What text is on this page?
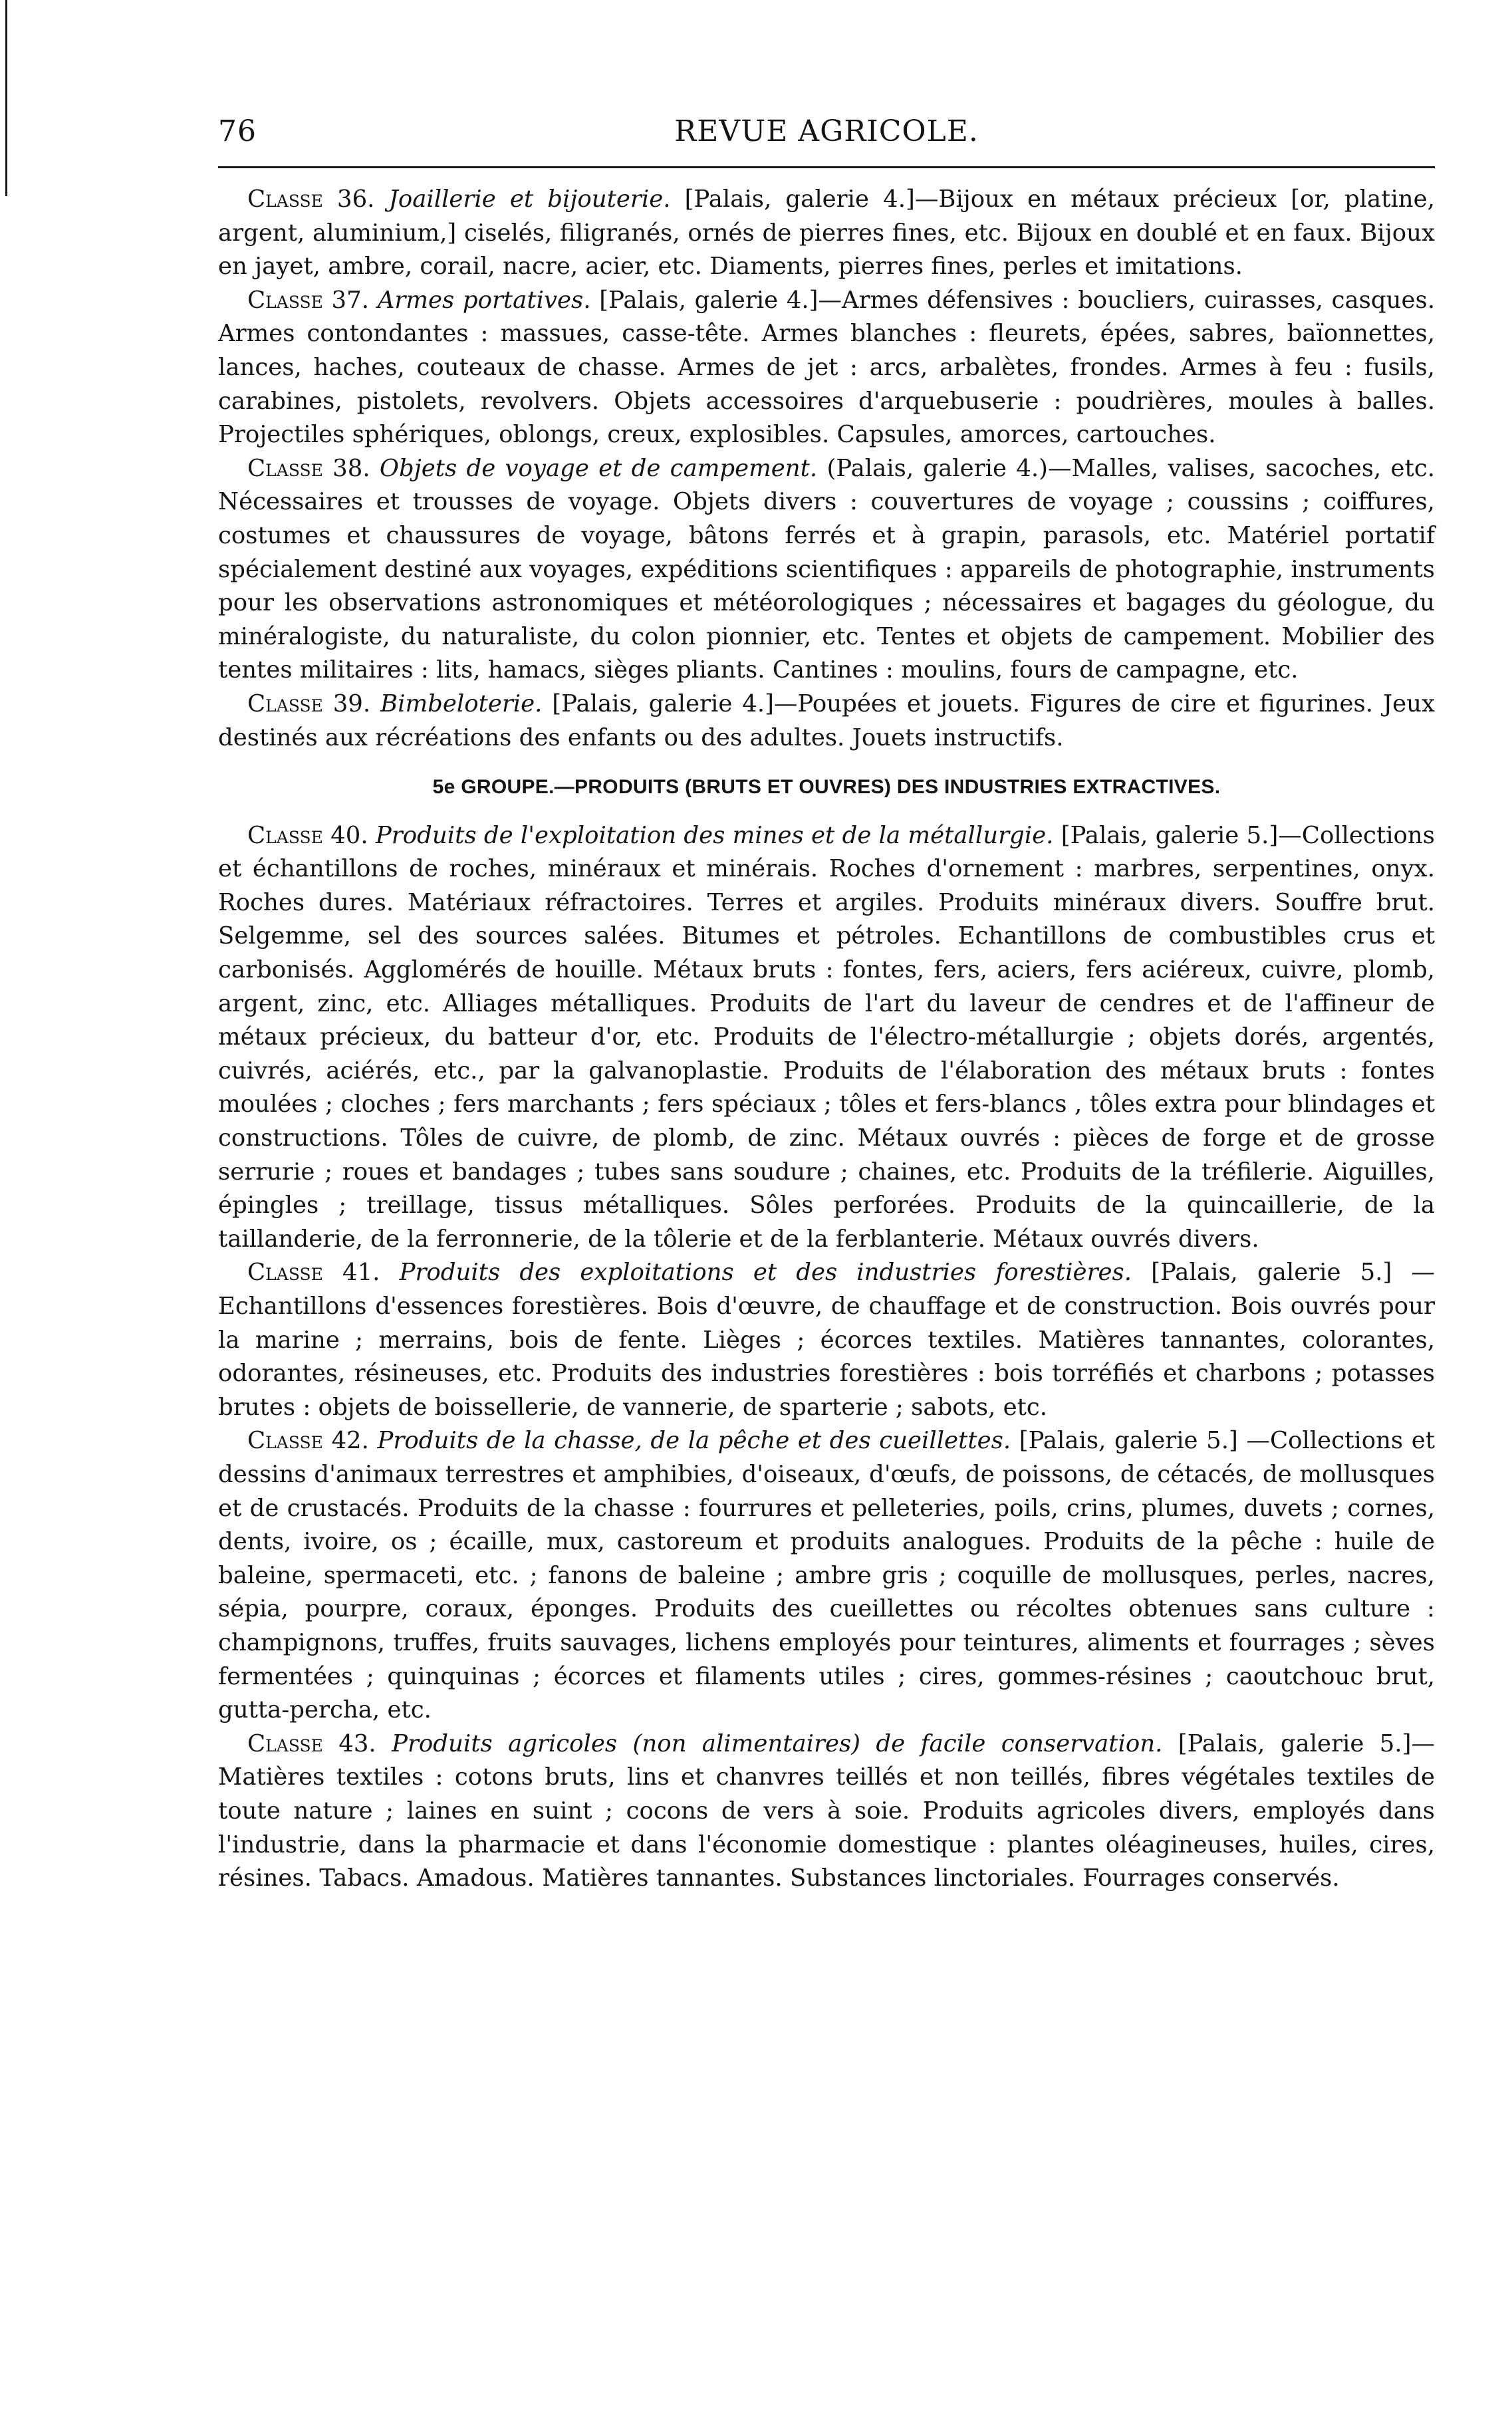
76	REVUE AGRICOLE.

Classe 36. Joaillerie et bijouterie. [Palais, galerie 4.]—Bijoux en métaux précieux [or, platine, argent, aluminium,] ciselés, filigranés, ornés de pierres fines, etc. Bijoux en doublé et en faux. Bijoux en jayet, ambre, corail, nacre, acier, etc. Diaments, pierres fines, perles et imitations.

Classe 37. Armes portatives. [Palais, galerie 4.]—Armes défensives : boucliers, cuirasses, casques. Armes contondantes : massues, casse-tête. Armes blanches : fleurets, épées, sabres, baïonnettes, lances, haches, couteaux de chasse. Armes de jet : arcs, arbalètes, frondes. Armes à feu : fusils, carabines, pistolets, revolvers. Objets accessoires d'arquebuserie : poudrières, moules à balles. Projectiles sphériques, oblongs, creux, explosibles. Capsules, amorces, cartouches.

Classe 38. Objets de voyage et de campement. (Palais, galerie 4.)—Malles, valises, sacoches, etc. Nécessaires et trousses de voyage. Objets divers : couvertures de voyage ; coussins ; coiffures, costumes et chaussures de voyage, bâtons ferrés et à grapin, parasols, etc. Matériel portatif spécialement destiné aux voyages, expéditions scientifiques : appareils de photographie, instruments pour les observations astronomiques et météorologiques ; nécessaires et bagages du géologue, du minéralogiste, du naturaliste, du colon pionnier, etc. Tentes et objets de campement. Mobilier des tentes militaires : lits, hamacs, sièges pliants. Cantines : moulins, fours de campagne, etc.

Classe 39. Bimbeloterie. [Palais, galerie 4.]—Poupées et jouets. Figures de cire et figurines. Jeux destinés aux récréations des enfants ou des adultes. Jouets instructifs.

5e GROUPE.—PRODUITS (BRUTS ET OUVRES) DES INDUSTRIES EXTRACTIVES.

Classe 40. Produits de l'exploitation des mines et de la métallurgie. [Palais, galerie 5.]—Collections et échantillons de roches, minéraux et minérais. Roches d'ornement : marbres, serpentines, onyx. Roches dures. Matériaux réfractoires. Terres et argiles. Produits minéraux divers. Souffre brut. Selgemme, sel des sources salées. Bitumes et pétroles. Echantillons de combustibles crus et carbonisés. Agglomérés de houille. Métaux bruts : fontes, fers, aciers, fers aciéreux, cuivre, plomb, argent, zinc, etc. Alliages métalliques. Produits de l'art du laveur de cendres et de l'affineur de métaux précieux, du batteur d'or, etc. Produits de l'électro-métallurgie ; objets dorés, argentés, cuivrés, aciérés, etc., par la galvanoplastie. Produits de l'élaboration des métaux bruts : fontes moulées ; cloches ; fers marchants ; fers spéciaux ; tôles et fers-blancs , tôles extra pour blindages et constructions. Tôles de cuivre, de plomb, de zinc. Métaux ouvrés : pièces de forge et de grosse serrurie ; roues et bandages ; tubes sans soudure ; chaines, etc. Produits de la tréfilerie. Aiguilles, épingles ; treillage, tissus métalliques. Sôles perforées. Produits de la quincaillerie, de la taillanderie, de la ferronnerie, de la tôlerie et de la ferblanterie. Métaux ouvrés divers.

Classe 41. Produits des exploitations et des industries forestières. [Palais, galerie 5.] —Echantillons d'essences forestières. Bois d'œuvre, de chauffage et de construction. Bois ouvrés pour la marine ; merrains, bois de fente. Lièges ; écorces textiles. Matières tannantes, colorantes, odorantes, résineuses, etc. Produits des industries forestières : bois torréfiés et charbons ; potasses brutes : objets de boissellerie, de vannerie, de sparterie ; sabots, etc.

Classe 42. Produits de la chasse, de la pêche et des cueillettes. [Palais, galerie 5.] —Collections et dessins d'animaux terrestres et amphibies, d'oiseaux, d'œufs, de poissons, de cétacés, de mollusques et de crustacés. Produits de la chasse : fourrures et pelleteries, poils, crins, plumes, duvets ; cornes, dents, ivoire, os ; écaille, mux, castoreum et produits analogues. Produits de la pêche : huile de baleine, spermaceti, etc. ; fanons de baleine ; ambre gris ; coquille de mollusques, perles, nacres, sépia, pourpre, coraux, éponges. Produits des cueillettes ou récoltes obtenues sans culture : champignons, truffes, fruits sauvages, lichens employés pour teintures, aliments et fourrages ; sèves fermentées ; quinquinas ; écorces et filaments utiles ; cires, gommes-résines ; caoutchouc brut, gutta-percha, etc.

Classe 43. Produits agricoles (non alimentaires) de facile conservation. [Palais, galerie 5.]—Matières textiles : cotons bruts, lins et chanvres teillés et non teillés, fibres végétales textiles de toute nature ; laines en suint ; cocons de vers à soie. Produits agricoles divers, employés dans l'industrie, dans la pharmacie et dans l'économie domestique : plantes oléagineuses, huiles, cires, résines. Tabacs. Amadous. Matières tannantes. Substances linctoriales. Fourrages conservés.
